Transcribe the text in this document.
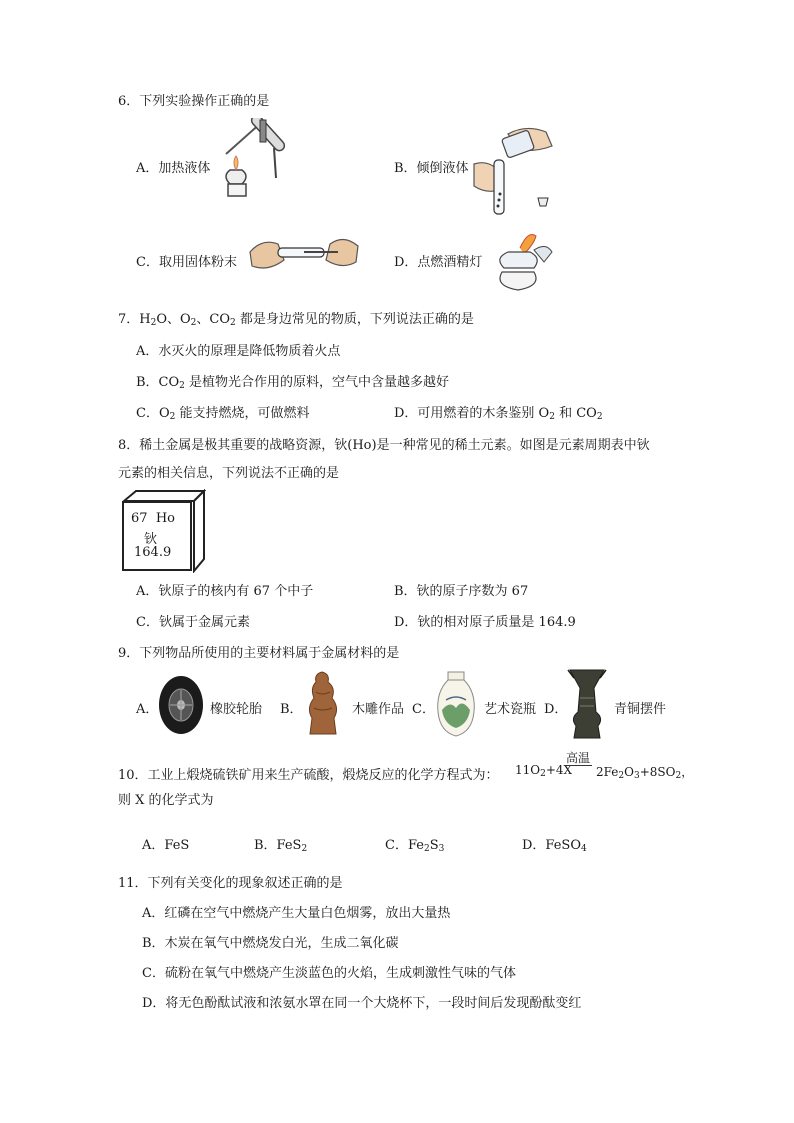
6．下列实验操作正确的是
A．加热液体	B．倾倒液体
C．取用固体粉末	D．点燃酒精灯
7．$H_2O$、$O_2$、$CO_2$ 都是身边常见的物质，下列说法正确的是
A．水灭火的原理是降低物质着火点
B．$CO_2$ 是植物光合作用的原料，空气中含量越多越好
C．$O_2$ 能支持燃烧，可做燃料	D．可用燃着的木条鉴别 $O_2$ 和 $CO_2$
8．稀土金属是极其重要的战略资源，钬(Ho)是一种常见的稀土元素。如图是元素周期表中钬
元素的相关信息，下列说法不正确的是
67 Ho
钬
164.9
A．钬原子的核内有 67 个中子	B．钬的原子序数为 67
C．钬属于金属元素	D．钬的相对原子质量是 164.9
9．下列物品所使用的主要材料属于金属材料的是
A．	橡胶轮胎 B．	木雕作品 C．	艺术瓷瓶 D．	青铜摆件
10．工业上煅烧硫铁矿用来生产硫酸，煅烧反应的化学方程式为： $11O_2+4X$
高温
$2Fe_2O_3+8SO_2$，
则 X 的化学式为
A．FeS	B．FeS$_2$	C．$Fe_2S_3$	D．FeSO$_4$
11．下列有关变化的现象叙述正确的是
A．红磷在空气中燃烧产生大量白色烟雾，放出大量热
B．木炭在氧气中燃烧发白光，生成二氧化碳
C．硫粉在氧气中燃烧产生淡蓝色的火焰，生成刺激性气味的气体
D．将无色酚酞试液和浓氨水罩在同一个大烧杯下，一段时间后发现酚酞变红
